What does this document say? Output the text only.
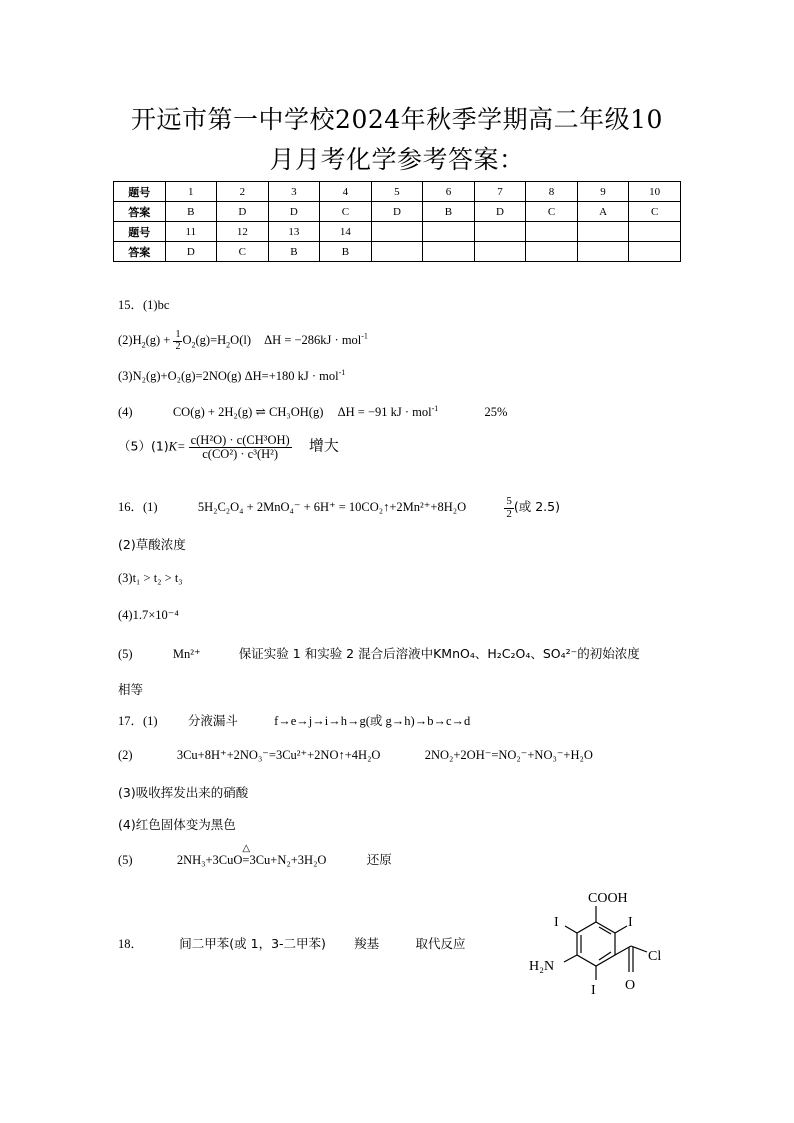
开远市第一中学校2024年秋季学期高二年级10
月月考化学参考答案：
题号	1	2	3	4	5	6	7	8	9	10
答案	B	D	D	C	D	B	D	C	A	C
题号	11	12	13	14						
答案	D	C	B	B						
15．(1)bc
$(2)H_2(g) + \frac{1}{2} O_2(g)=H_2O(l) \Delta H = -286kJ \cdot mol^{-1}$
(3)N₂(g)+O₂(g)=2NO(g) ΔH=+180 kJ · mol$^{-1}$
(4)	CO(g) + 2H₂(g) ⇌ CH₃OH(g) ΔH = −91 kJ · mol$^{-1}$	25%
$(5)(1)K= \frac{\text{c(H²O) · c(CH³OH)}}{\text{c(CO²) · c³(H²)}}$ 增大
16．(1)	5H₂C₂O₄ + 2MnO₄⁻ + 6H⁺ = 10CO₂↑+2Mn²⁺+8H₂O	$\frac{5}{2}$ (或 2.5)
(2)草酸浓度
(3)t₁ > t₂ > t₃
(4)1.7×10⁻⁴
(5)	Mn²⁺	保证实验 1 和实验 2 混合后溶液中KMnO₄、H₂C₂O₄、SO₄²⁻的初始浓度
相等
17．(1) 分液漏斗	f→e→j→i→h→g(或 g→h)→b→c→d
(2)	3Cu+8H⁺+2NO₃⁻=3Cu²⁺+2NO↑+4H₂O	2NO₂+2OH⁻=NO₂⁻+NO₃⁻+H₂O
(3)吸收挥发出来的硝酸
(4)红色固体变为黑色
(5)	2NH₃+3CuO
△
=3Cu+N₂+3H₂O	还原
18．	间二甲苯(或 1，3-二甲苯) 羧基	取代反应
COOH
I	I
I
H₂N
Cl
O
